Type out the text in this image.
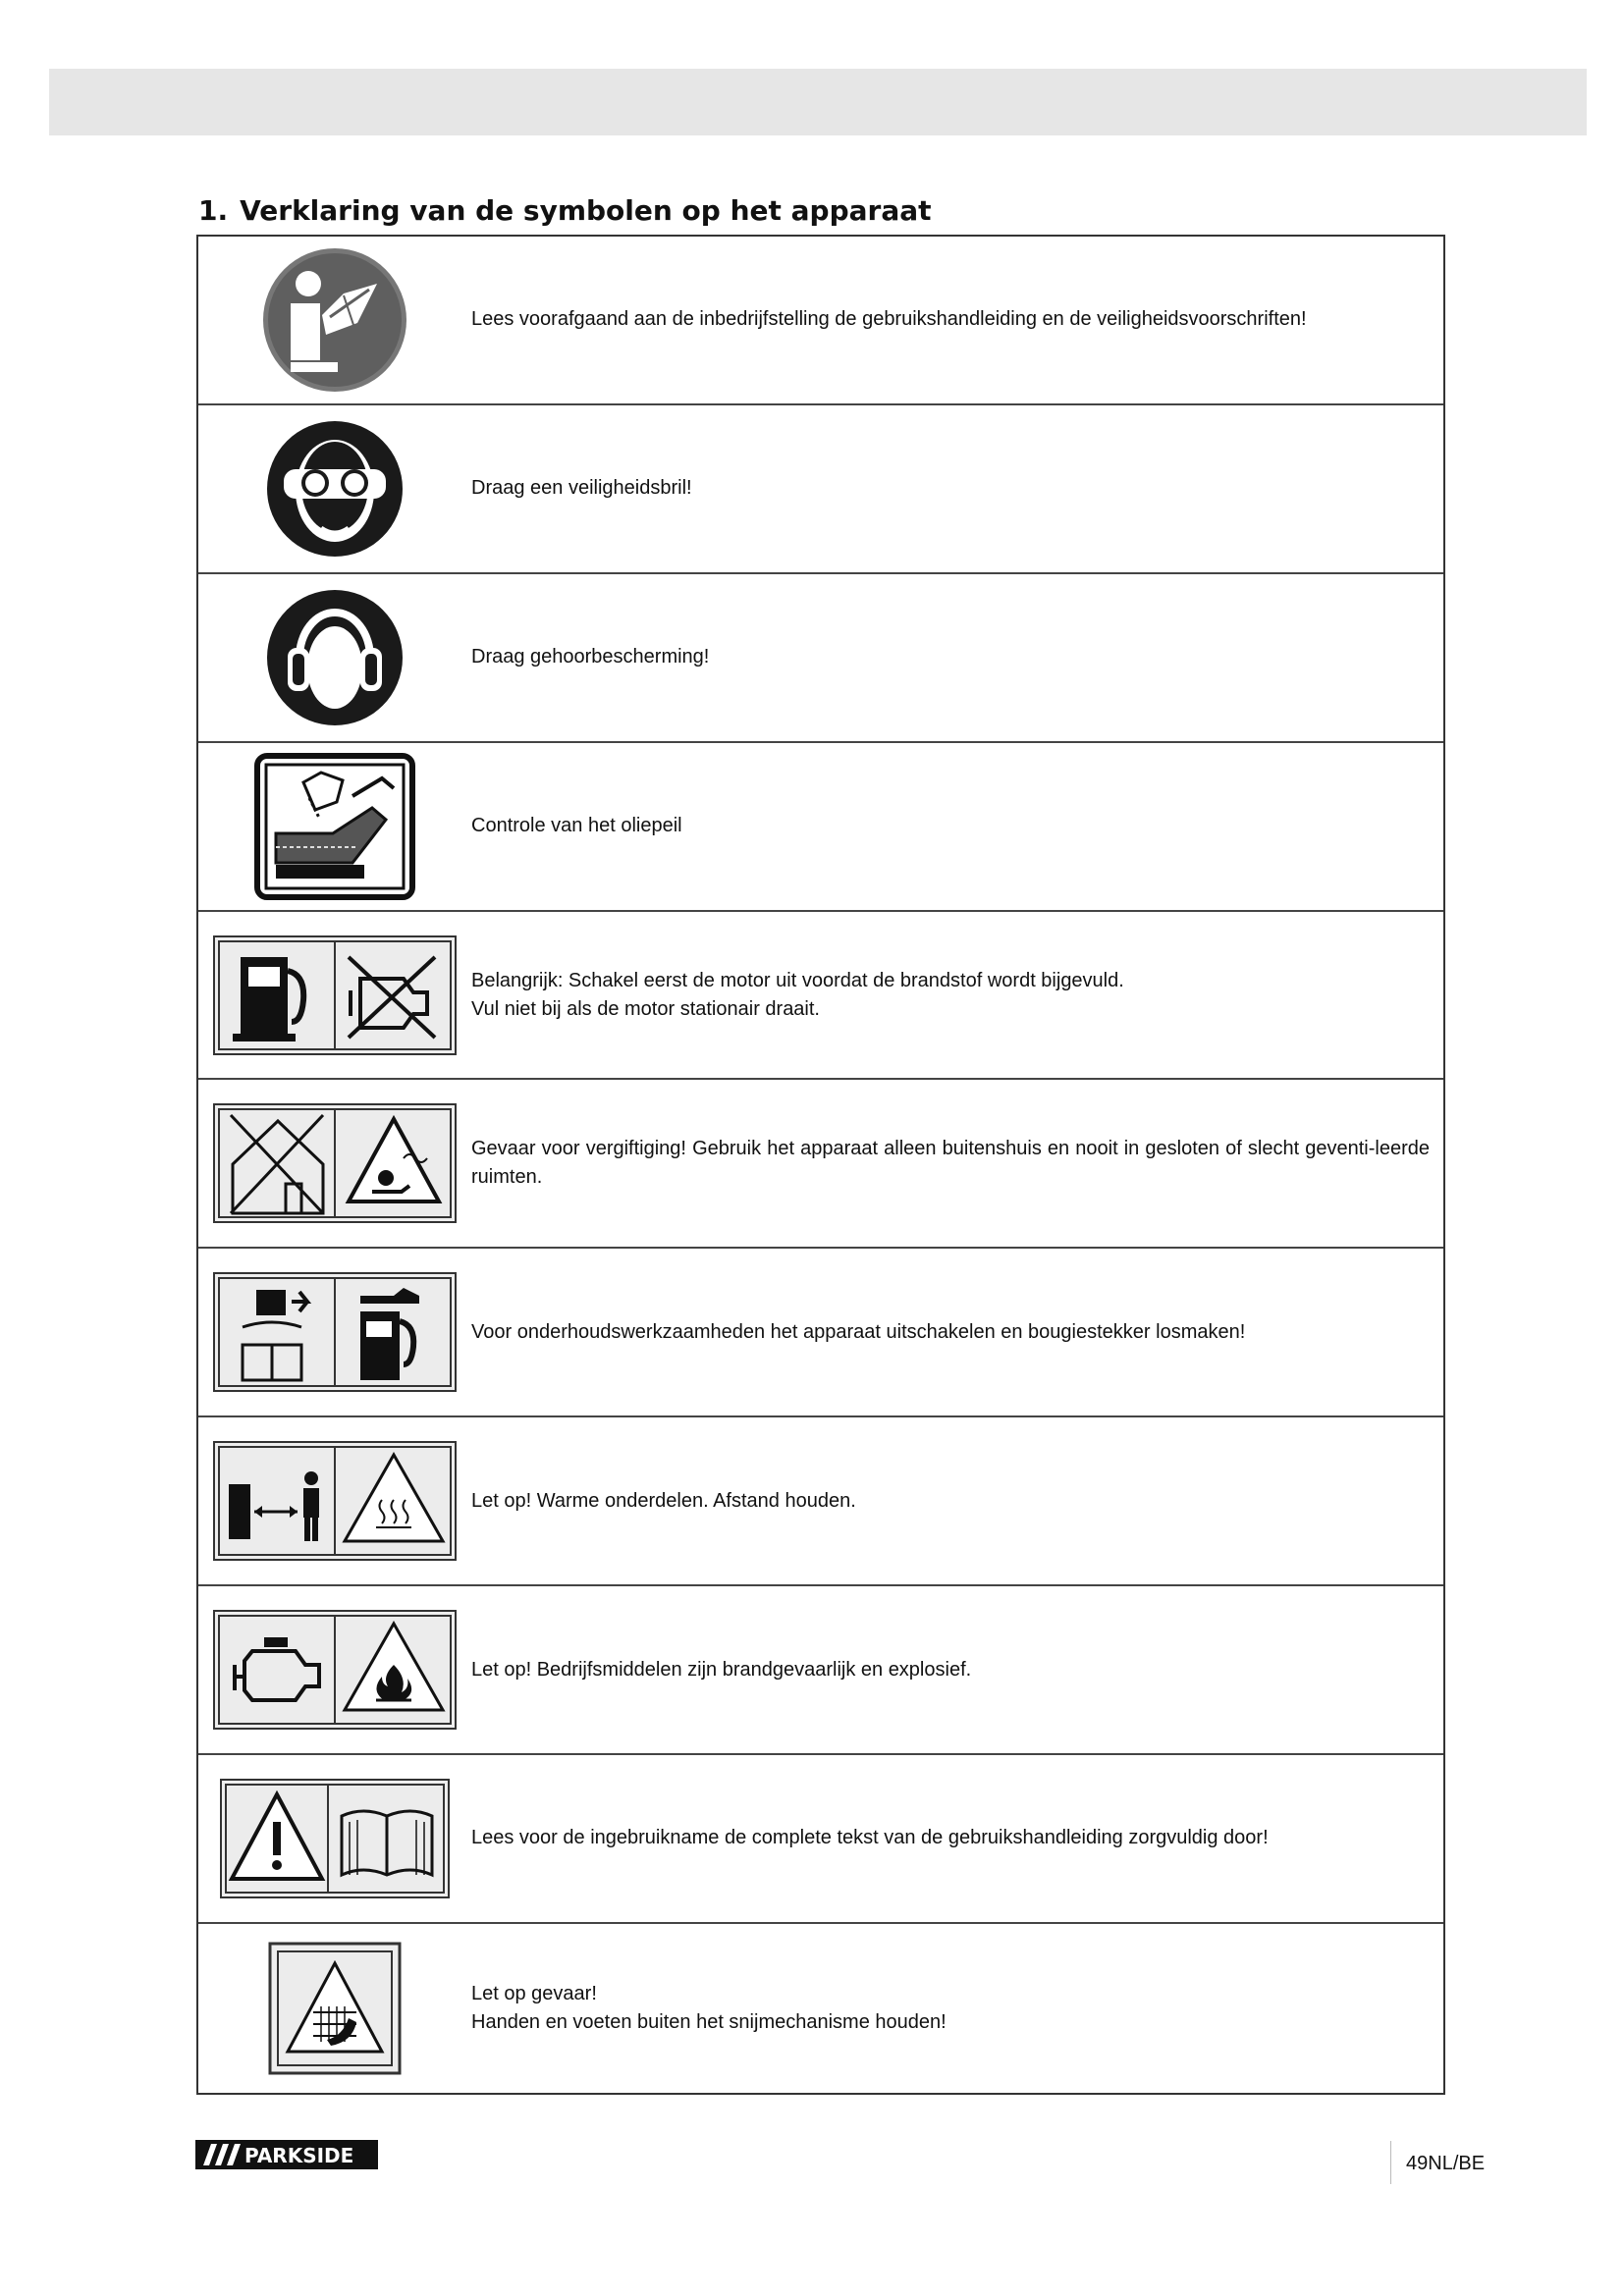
1. Verklaring van de symbolen op het apparaat
Lees voorafgaand aan de inbedrijfstelling de gebruikshandleiding en de veiligheidsvoorschriften!
Draag een veiligheidsbril!
Draag gehoorbescherming!
Controle van het oliepeil
Belangrijk: Schakel eerst de motor uit voordat de brandstof wordt bijgevuld.
Vul niet bij als de motor stationair draait.
Gevaar voor vergiftiging! Gebruik het apparaat alleen buitenshuis en nooit in gesloten of slecht geventi-leerde ruimten.
Voor onderhoudswerkzaamheden het apparaat uitschakelen en bougiestekker losmaken!
Let op! Warme onderdelen. Afstand houden.
Let op! Bedrijfsmiddelen zijn brandgevaarlijk en explosief.
Lees voor de ingebruikname de complete tekst van de gebruikshandleiding zorgvuldig door!
Let op gevaar!
Handen en voeten buiten het snijmechanisme houden!
PARKSIDE	49NL/BE
